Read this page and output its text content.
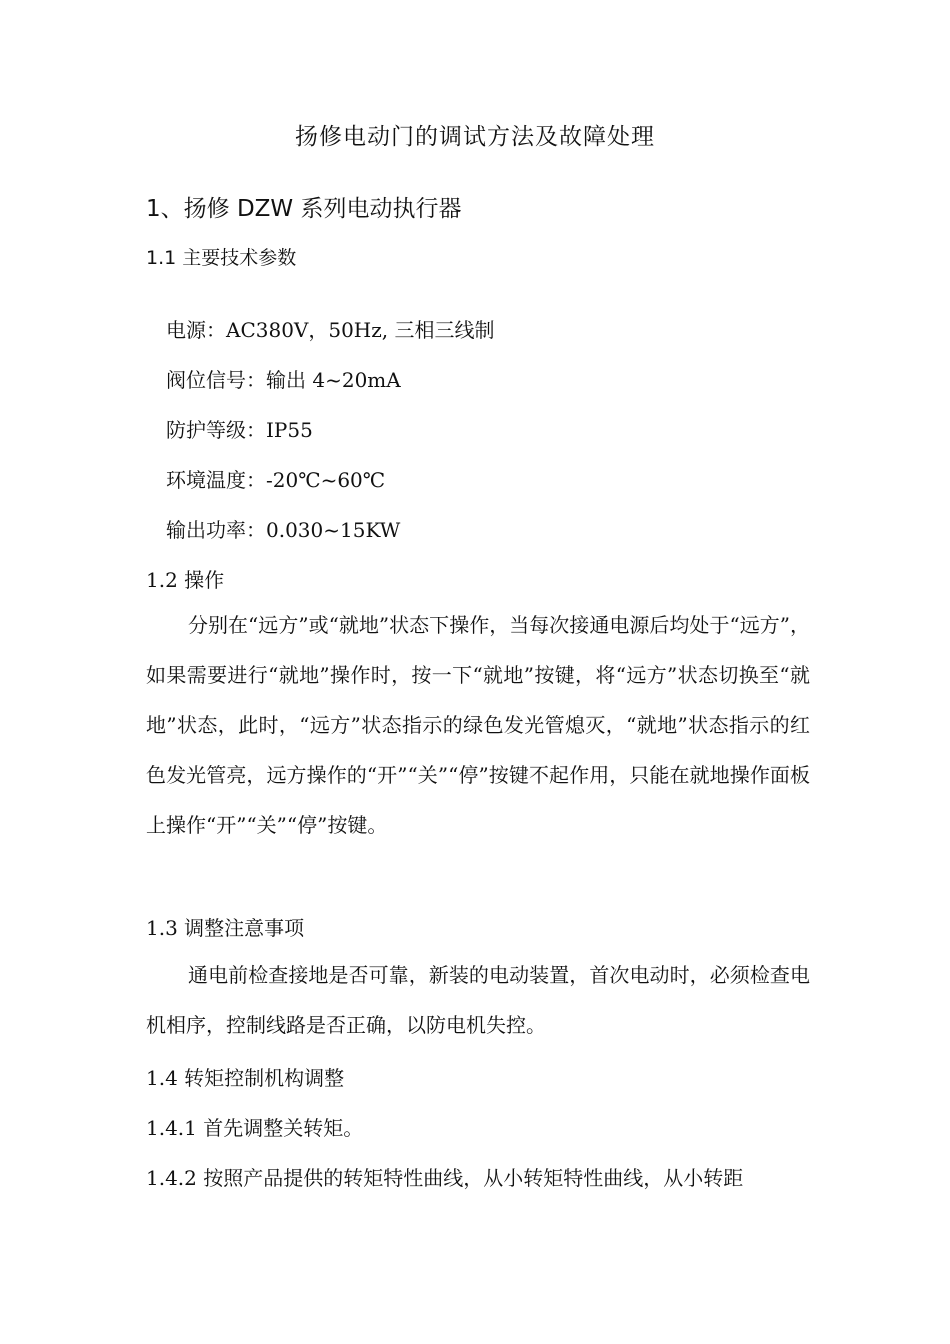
扬修电动门的调试方法及故障处理
1、扬修 DZW 系列电动执行器
1.1 主要技术参数
电源：AC380V，50Hz, 三相三线制
阀位信号：输出 4~20mA
防护等级：IP55
环境温度：-20℃~60℃
输出功率：0.030~15KW
1.2 操作
分别在“远方”或“就地”状态下操作，当每次接通电源后均处于“远方”，如果需要进行“就地”操作时，按一下“就地”按键，将“远方”状态切换至“就地”状态，此时，“远方”状态指示的绿色发光管熄灭，“就地”状态指示的红色发光管亮，远方操作的“开”“关”“停”按键不起作用，只能在就地操作面板上操作“开”“关”“停”按键。
1.3 调整注意事项
通电前检查接地是否可靠，新装的电动装置，首次电动时，必须检查电机相序，控制线路是否正确，以防电机失控。
1.4 转矩控制机构调整
1.4.1 首先调整关转矩。
1.4.2 按照产品提供的转矩特性曲线，从小转矩特性曲线，从小转距
